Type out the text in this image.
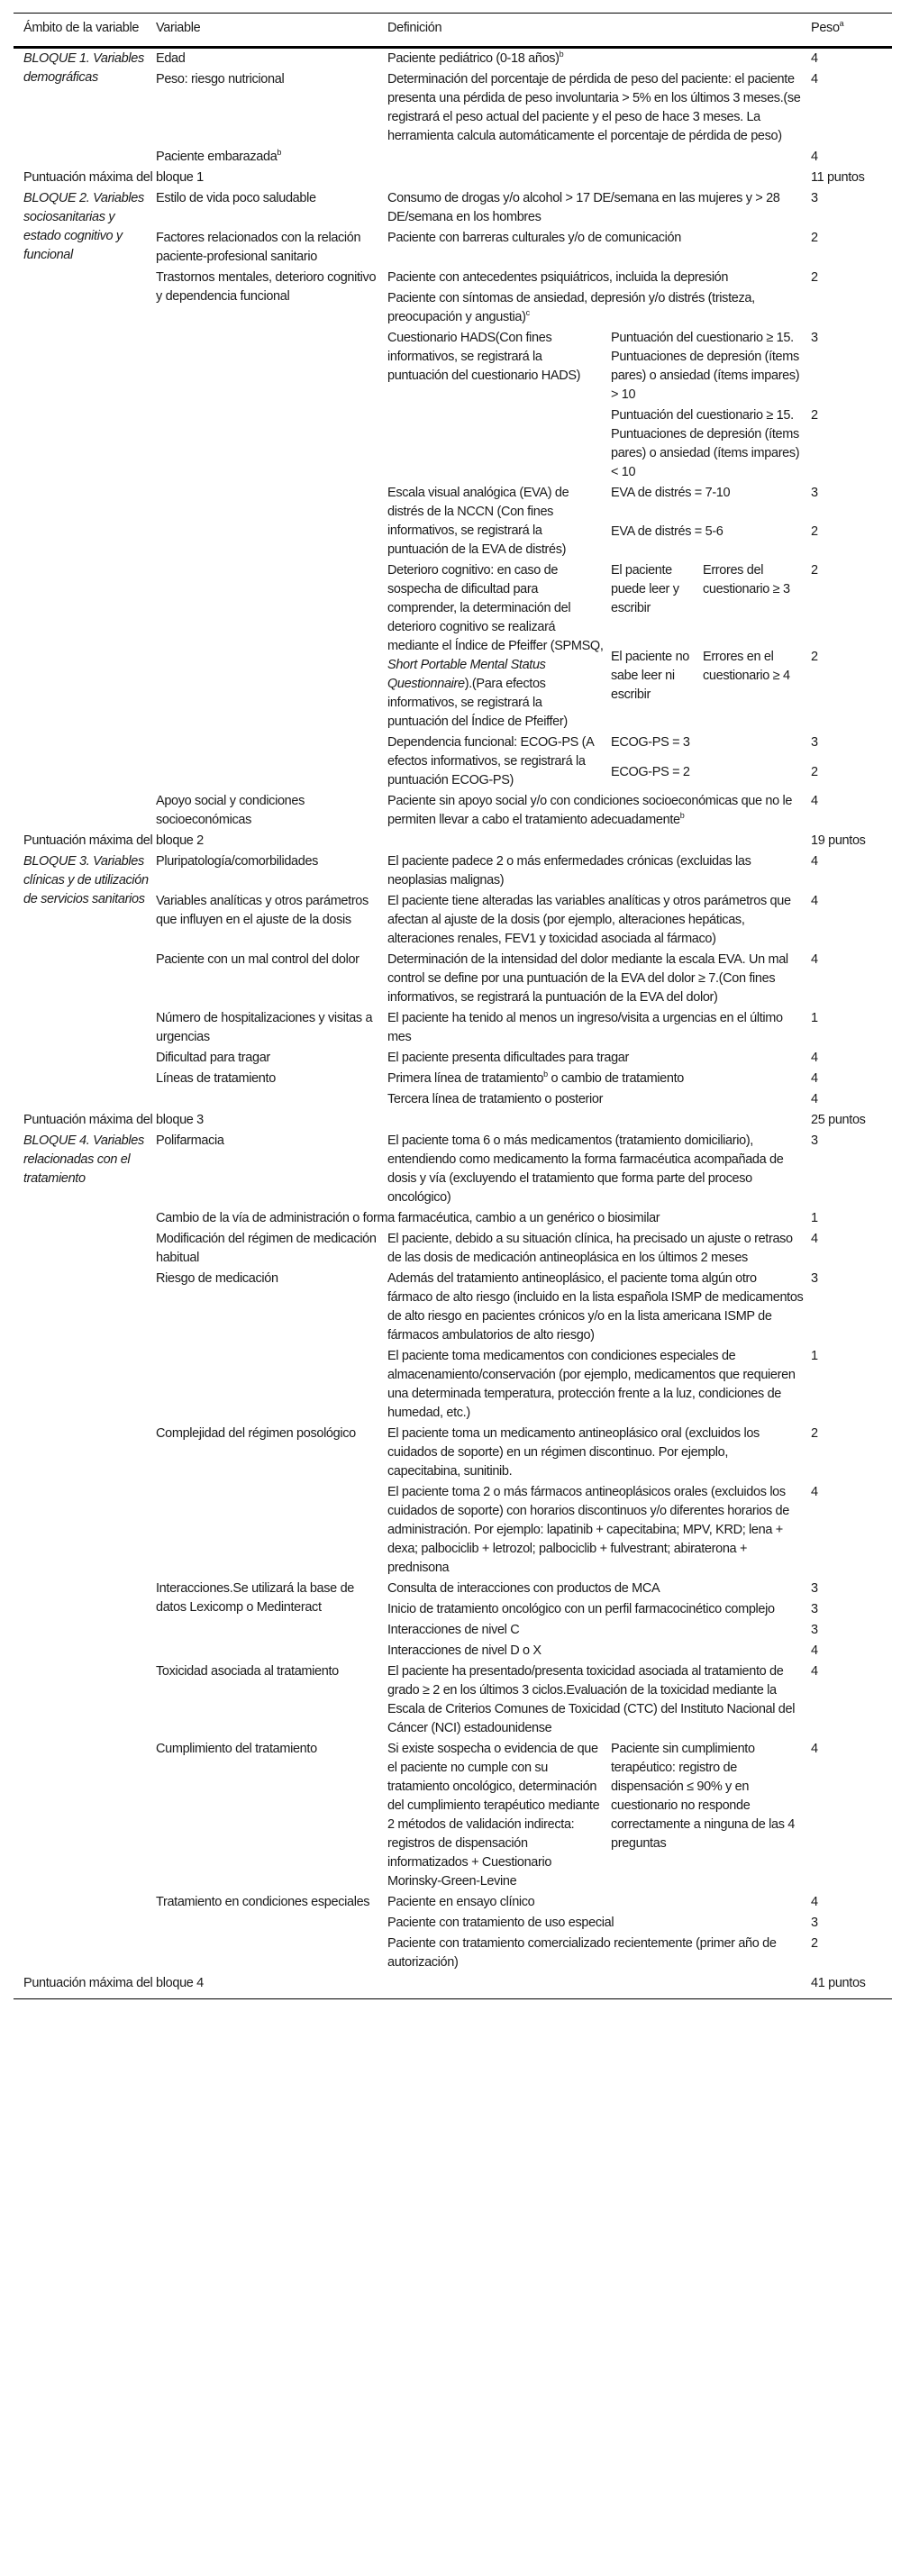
Ámbito de la variable	Variable	Definición			Peso$^a$
BLOQUE 1. Variables demográficas	Edad	Paciente pediátrico (0-18 años)$^b$			4
	Peso: riesgo nutricional	Determinación del porcentaje de pérdida de peso del paciente: el paciente presenta una pérdida de peso involuntaria > 5% en los últimos 3 meses.(se registrará el peso actual del paciente y el peso de hace 3 meses. La herramienta calcula automáticamente el porcentaje de pérdida de peso)			4
	Paciente embarazada$^b$				4
Puntuación máxima del bloque 1					11 puntos
BLOQUE 2. Variables sociosanitarias y estado cognitivo y funcional	Estilo de vida poco saludable	Consumo de drogas y/o alcohol > 17 DE/semana en las mujeres y > 28 DE/semana en los hombres			3
	Factores relacionados con la relación paciente-profesional sanitario	Paciente con barreras culturales y/o de comunicación			2
	Trastornos mentales, deterioro cognitivo y dependencia funcional	Paciente con antecedentes psiquiátricos, incluida la depresión			2
		Paciente con síntomas de ansiedad, depresión y/o distrés (tristeza, preocupación y angustia)$^c$	
		Cuestionario HADS(Con fines informativos, se registrará la puntuación del cuestionario HADS)	Puntuación del cuestionario ≥ 15. Puntuaciones de depresión (ítems pares) o ansiedad (ítems impares) > 10		3
			Puntuación del cuestionario ≥ 15. Puntuaciones de depresión (ítems pares) o ansiedad (ítems impares) < 10		2
		Escala visual analógica (EVA) de distrés de la NCCN (Con fines informativos, se registrará la puntuación de la EVA de distrés)	EVA de distrés = 7-10		3
			EVA de distrés = 5-6		2
		Deterioro cognitivo: en caso de sospecha de dificultad para comprender, la determinación del deterioro cognitivo se realizará mediante el Índice de Pfeiffer (SPMSQ, Short Portable Mental Status Questionnaire).(Para efectos informativos, se registrará la puntuación del Índice de Pfeiffer)	El paciente puede leer y escribir	Errores del cuestionario ≥ 3	2
			El paciente no sabe leer ni escribir	Errores en el cuestionario ≥ 4	2
		Dependencia funcional: ECOG-PS (A efectos informativos, se registrará la puntuación ECOG-PS)	ECOG-PS = 3		3
			ECOG-PS = 2		2
	Apoyo social y condiciones socioeconómicas	Paciente sin apoyo social y/o con condiciones socioeconómicas que no le permiten llevar a cabo el tratamiento adecuadamente$^b$			4
Puntuación máxima del bloque 2					19 puntos
BLOQUE 3. Variables clínicas y de utilización de servicios sanitarios	Pluripatología/comorbilidades	El paciente padece 2 o más enfermedades crónicas (excluidas las neoplasias malignas)			4
	Variables analíticas y otros parámetros que influyen en el ajuste de la dosis	El paciente tiene alteradas las variables analíticas y otros parámetros que afectan al ajuste de la dosis (por ejemplo, alteraciones hepáticas, alteraciones renales, FEV1 y toxicidad asociada al fármaco)			4
	Paciente con un mal control del dolor	Determinación de la intensidad del dolor mediante la escala EVA. Un mal control se define por una puntuación de la EVA del dolor ≥ 7.(Con fines informativos, se registrará la puntuación de la EVA del dolor)			4
	Número de hospitalizaciones y visitas a urgencias	El paciente ha tenido al menos un ingreso/visita a urgencias en el último mes			1
	Dificultad para tragar	El paciente presenta dificultades para tragar			4
	Líneas de tratamiento	Primera línea de tratamiento$^b$ o cambio de tratamiento			4
		Tercera línea de tratamiento o posterior			4
Puntuación máxima del bloque 3					25 puntos
BLOQUE 4. Variables relacionadas con el tratamiento	Polifarmacia	El paciente toma 6 o más medicamentos (tratamiento domiciliario), entendiendo como medicamento la forma farmacéutica acompañada de dosis y vía (excluyendo el tratamiento que forma parte del proceso oncológico)			3
	Cambio de la vía de administración o forma farmacéutica, cambio a un genérico o biosimilar				1
	Modificación del régimen de medicación habitual	El paciente, debido a su situación clínica, ha precisado un ajuste o retraso de las dosis de medicación antineoplásica en los últimos 2 meses			4
	Riesgo de medicación	Además del tratamiento antineoplásico, el paciente toma algún otro fármaco de alto riesgo (incluido en la lista española ISMP de medicamentos de alto riesgo en pacientes crónicos y/o en la lista americana ISMP de fármacos ambulatorios de alto riesgo)			3
		El paciente toma medicamentos con condiciones especiales de almacenamiento/conservación (por ejemplo, medicamentos que requieren una determinada temperatura, protección frente a la luz, condiciones de humedad, etc.)			1
	Complejidad del régimen posológico	El paciente toma un medicamento antineoplásico oral (excluidos los cuidados de soporte) en un régimen discontinuo. Por ejemplo, capecitabina, sunitinib.			2
		El paciente toma 2 o más fármacos antineoplásicos orales (excluidos los cuidados de soporte) con horarios discontinuos y/o diferentes horarios de administración. Por ejemplo: lapatinib + capecitabina; MPV, KRD; lena + dexa; palbociclib + letrozol; palbociclib + fulvestrant; abiraterona + prednisona			4
	Interacciones.Se utilizará la base de datos Lexicomp o Medinteract	Consulta de interacciones con productos de MCA			3
		Inicio de tratamiento oncológico con un perfil farmacocinético complejo			3
		Interacciones de nivel C			3
		Interacciones de nivel D o X			4
	Toxicidad asociada al tratamiento	El paciente ha presentado/presenta toxicidad asociada al tratamiento de grado ≥ 2 en los últimos 3 ciclos.Evaluación de la toxicidad mediante la Escala de Criterios Comunes de Toxicidad (CTC) del Instituto Nacional del Cáncer (NCI) estadounidense			4
	Cumplimiento del tratamiento	Si existe sospecha o evidencia de que el paciente no cumple con su tratamiento oncológico, determinación del cumplimiento terapéutico mediante 2 métodos de validación indirecta: registros de dispensación informatizados + Cuestionario Morinsky-Green-Levine	Paciente sin cumplimiento terapéutico: registro de dispensación ≤ 90% y en cuestionario no responde correctamente a ninguna de las 4 preguntas		4
	Tratamiento en condiciones especiales	Paciente en ensayo clínico			4
		Paciente con tratamiento de uso especial			3
		Paciente con tratamiento comercializado recientemente (primer año de autorización)			2
Puntuación máxima del bloque 4					41 puntos
